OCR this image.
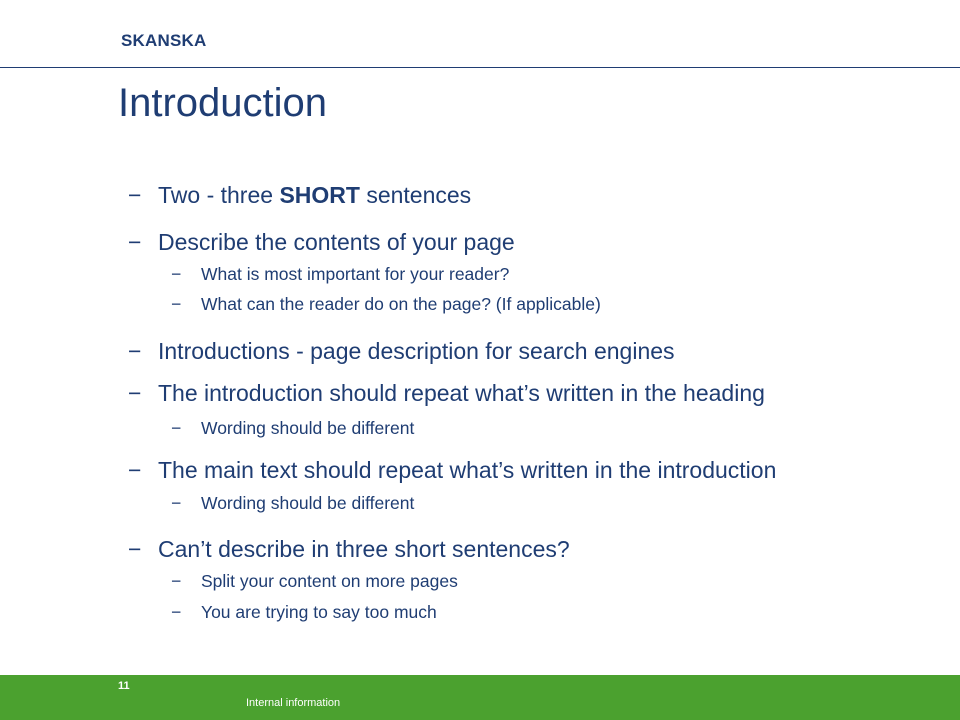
SKANSKA
Introduction
− Two - three SHORT sentences
− Describe the contents of your page
− What is most important for your reader?
− What can the reader do on the page? (If applicable)
− Introductions - page description for search engines
− The introduction should repeat what’s written in the heading
− Wording should be different
− The main text should repeat what’s written in the introduction
− Wording should be different
− Can’t describe in three short sentences?
− Split your content on more pages
− You are trying to say too much
11
Internal information
